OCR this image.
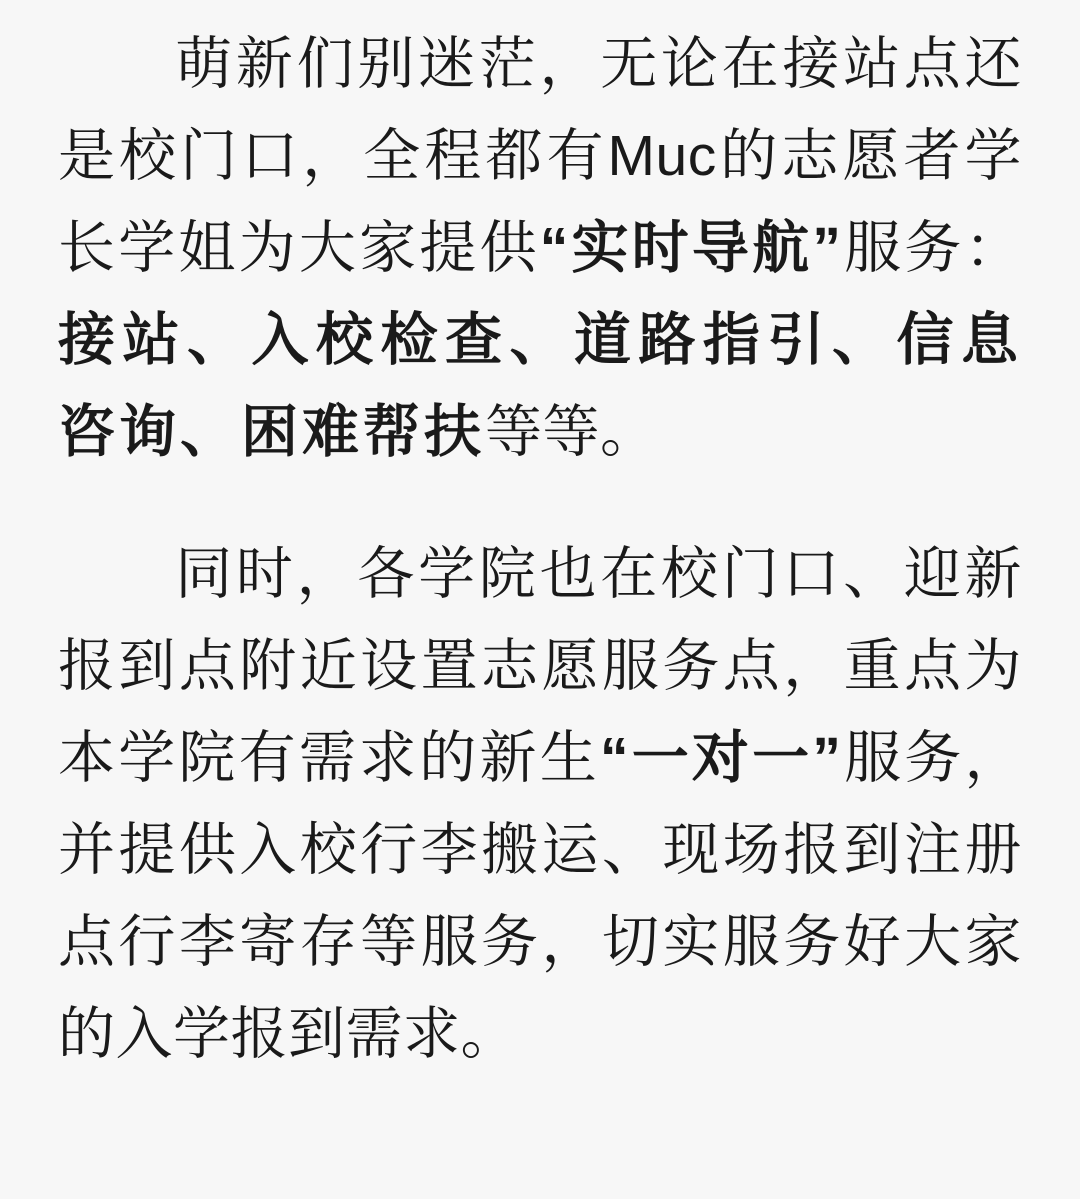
萌新们别迷茫，无论在接站点还是校门口，全程都有Muc的志愿者学长学姐为大家提供“实时导航”服务：接站、入校检查、道路指引、信息咨询、困难帮扶等等。

同时，各学院也在校门口、迎新报到点附近设置志愿服务点，重点为本学院有需求的新生“一对一”服务，并提供入校行李搬运、现场报到注册点行李寄存等服务，切实服务好大家的入学报到需求。
